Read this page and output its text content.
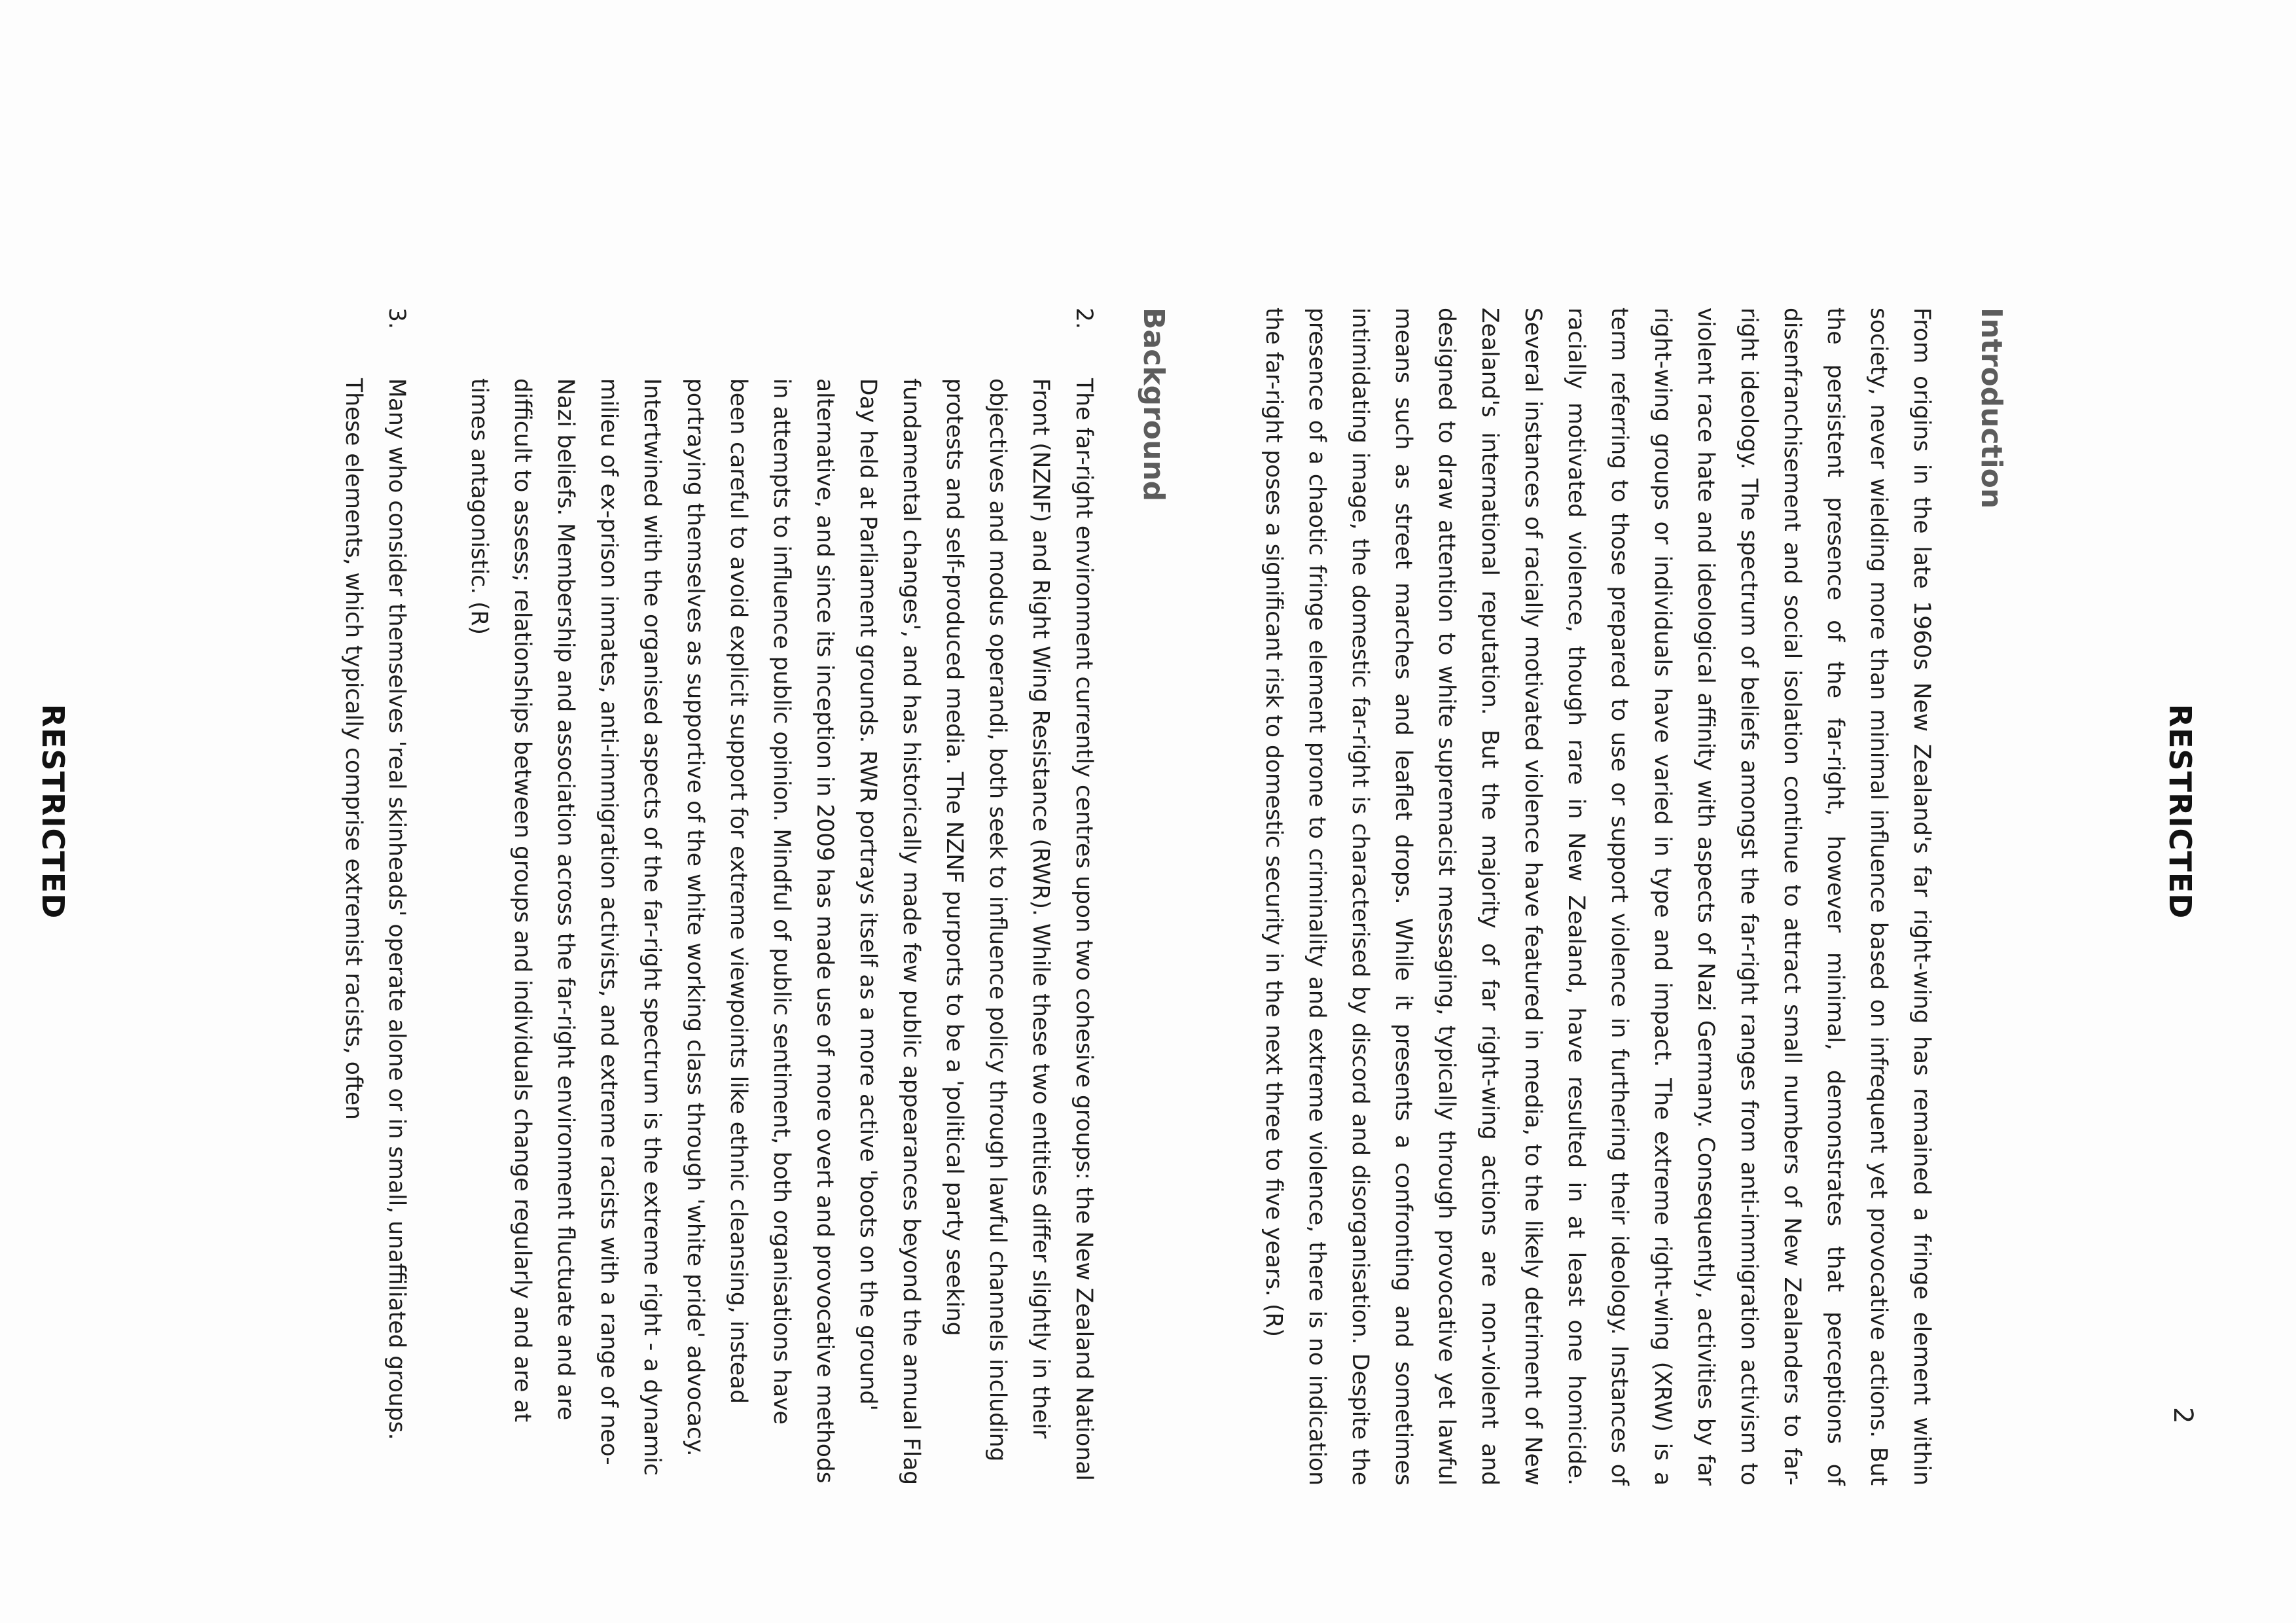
RESTRICTED
2
Introduction

From origins in the late 1960s New Zealand's far right-wing has remained a fringe element within society, never wielding more than minimal influence based on infrequent yet provocative actions. But the persistent presence of the far-right, however minimal, demonstrates that perceptions of disenfranchisement and social isolation continue to attract small numbers of New Zealanders to far-right ideology. The spectrum of beliefs amongst the far-right ranges from anti-immigration activism to violent race hate and ideological affinity with aspects of Nazi Germany. Consequently, activities by far right-wing groups or individuals have varied in type and impact. The extreme right-wing (XRW) is a term referring to those prepared to use or support violence in furthering their ideology. Instances of racially motivated violence, though rare in New Zealand, have resulted in at least one homicide. Several instances of racially motivated violence have featured in media, to the likely detriment of New Zealand's international reputation. But the majority of far right-wing actions are non-violent and designed to draw attention to white supremacist messaging, typically through provocative yet lawful means such as street marches and leaflet drops. While it presents a confronting and sometimes intimidating image, the domestic far-right is characterised by discord and disorganisation. Despite the presence of a chaotic fringe element prone to criminality and extreme violence, there is no indication the far-right poses a significant risk to domestic security in the next three to five years. (R)

Background
2.
The far-right environment currently centres upon two cohesive groups: the New Zealand National Front (NZNF) and Right Wing Resistance (RWR). While these two entities differ slightly in their objectives and modus operandi, both seek to influence policy through lawful channels including protests and self-produced media. The NZNF purports to be a 'political party seeking fundamental changes', and has historically made few public appearances beyond the annual Flag Day held at Parliament grounds. RWR portrays itself as a more active 'boots on the ground' alternative, and since its inception in 2009 has made use of more overt and provocative methods in attempts to influence public opinion. Mindful of public sentiment, both organisations have been careful to avoid explicit support for extreme viewpoints like ethnic cleansing, instead portraying themselves as supportive of the white working class through 'white pride' advocacy. Intertwined with the organised aspects of the far-right spectrum is the extreme right - a dynamic milieu of ex-prison inmates, anti-immigration activists, and extreme racists with a range of neo-Nazi beliefs. Membership and association across the far-right environment fluctuate and are difficult to assess; relationships between groups and individuals change regularly and are at times antagonistic. (R)
3.
Many who consider themselves 'real skinheads' operate alone or in small, unaffiliated groups. These elements, which typically comprise extremist racists, often
RESTRICTED
